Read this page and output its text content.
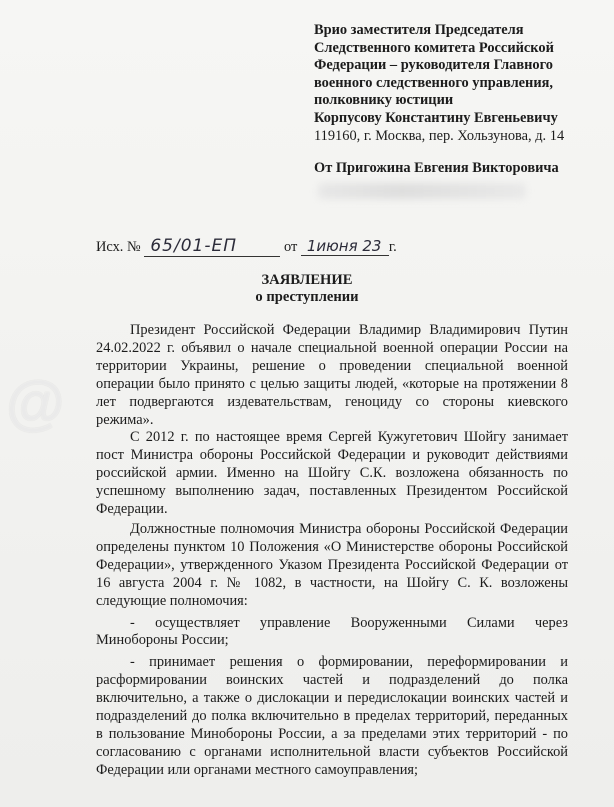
Врио заместителя Председателя
Следственного комитета Российской
Федерации – руководителя Главного
военного следственного управления,
полковнику юстиции
Корпусову Константину Евгеньевичу
119160, г. Москва, пер. Хользунова, д. 14
От Пригожина Евгения Викторовича
Исх. № 65/01-ЕП	от 1июня 23 г.
ЗАЯВЛЕНИЕ
о преступлении

Президент Российской Федерации Владимир Владимирович Путин 24.02.2022 г. объявил о начале специальной военной операции России на территории Украины, решение о проведении специальной военной операции было принято с целью защиты людей, «которые на протяжении 8 лет подвергаются издевательствам, геноциду со стороны киевского режима».

С 2012 г. по настоящее время Сергей Кужугетович Шойгу занимает пост Министра обороны Российской Федерации и руководит действиями российской армии. Именно на Шойгу С.К. возложена обязанность по успешному выполнению задач, поставленных Президентом Российской Федерации.

Должностные полномочия Министра обороны Российской Федерации определены пунктом 10 Положения «О Министерстве обороны Российской Федерации», утвержденного Указом Президента Российской Федерации от 16 августа 2004 г. № 1082, в частности, на Шойгу С. К. возложены следующие полномочия:

- осуществляет управление Вооруженными Силами через Минобороны России;

- принимает решения о формировании, переформировании и расформировании воинских частей и подразделений до полка включительно, а также о дислокации и передислокации воинских частей и подразделений до полка включительно в пределах территорий, переданных в пользование Минобороны России, а за пределами этих территорий - по согласованию с органами исполнительной власти субъектов Российской Федерации или органами местного самоуправления;

@
